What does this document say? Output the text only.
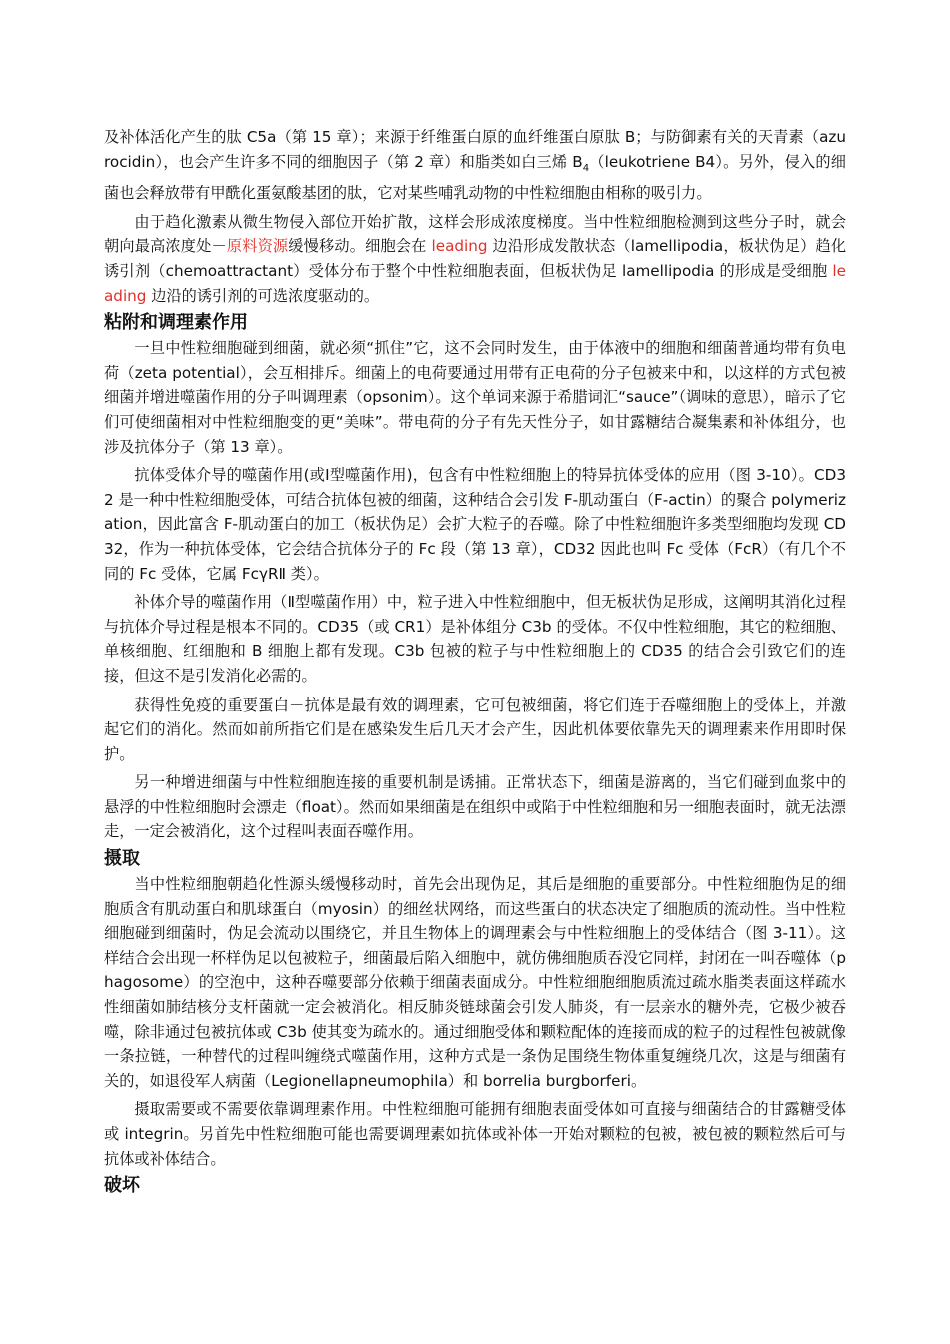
及补体活化产生的肽 C5a（第 15 章）；来源于纤维蛋白原的血纤维蛋白原肽 B；与防御素有关的天青素（azurocidin），也会产生许多不同的细胞因子（第 2 章）和脂类如白三烯 $B_4(leukotriene$ B4）。另外，侵入的细菌也会释放带有甲酰化蛋氨酸基团的肽，它对某些哺乳动物的中性粒细胞由相称的吸引力。

由于趋化激素从微生物侵入部位开始扩散，这样会形成浓度梯度。当中性粒细胞检测到这些分子时，就会朝向最高浓度处－原料资源缓慢移动。细胞会在 leading 边沿形成发散状态（lamellipodia，板状伪足）趋化诱引剂（chemoattractant）受体分布于整个中性粒细胞表面，但板状伪足 lamellipodia 的形成是受细胞 leading 边沿的诱引剂的可选浓度驱动的。

粘附和调理素作用

一旦中性粒细胞碰到细菌，就必须“抓住”它，这不会同时发生，由于体液中的细胞和细菌普通均带有负电荷（zeta potential），会互相排斥。细菌上的电荷要通过用带有正电荷的分子包被来中和，以这样的方式包被细菌并增进噬菌作用的分子叫调理素（opsonim）。这个单词来源于希腊词汇“sauce”（调味的意思），暗示了它们可使细菌相对中性粒细胞变的更“美味”。带电荷的分子有先天性分子，如甘露糖结合凝集素和补体组分，也涉及抗体分子（第 13 章）。

抗体受体介导的噬菌作用(或Ⅰ型噬菌作用)，包含有中性粒细胞上的特异抗体受体的应用（图 3-10）。CD32 是一种中性粒细胞受体，可结合抗体包被的细菌，这种结合会引发 F-肌动蛋白（F-actin）的聚合 polymerization，因此富含 F-肌动蛋白的加工（板状伪足）会扩大粒子的吞噬。除了中性粒细胞许多类型细胞均发现 CD32，作为一种抗体受体，它会结合抗体分子的 Fc 段（第 13 章），CD32 因此也叫 Fc 受体（FcR）（有几个不同的 Fc 受体，它属 FcγRⅡ 类）。

补体介导的噬菌作用（Ⅱ型噬菌作用）中，粒子进入中性粒细胞中，但无板状伪足形成，这阐明其消化过程与抗体介导过程是根本不同的。CD35（或 CR1）是补体组分 C3b 的受体。不仅中性粒细胞，其它的粒细胞、单核细胞、红细胞和 B 细胞上都有发现。C3b 包被的粒子与中性粒细胞上的 CD35 的结合会引致它们的连接，但这不是引发消化必需的。

获得性免疫的重要蛋白－抗体是最有效的调理素，它可包被细菌，将它们连于吞噬细胞上的受体上，并激起它们的消化。然而如前所指它们是在感染发生后几天才会产生，因此机体要依靠先天的调理素来作用即时保护。

另一种增进细菌与中性粒细胞连接的重要机制是诱捕。正常状态下，细菌是游离的，当它们碰到血浆中的悬浮的中性粒细胞时会漂走（float）。然而如果细菌是在组织中或陷于中性粒细胞和另一细胞表面时，就无法漂走，一定会被消化，这个过程叫表面吞噬作用。

摄取

当中性粒细胞朝趋化性源头缓慢移动时，首先会出现伪足，其后是细胞的重要部分。中性粒细胞伪足的细胞质含有肌动蛋白和肌球蛋白（myosin）的细丝状网络，而这些蛋白的状态决定了细胞质的流动性。当中性粒细胞碰到细菌时，伪足会流动以围绕它，并且生物体上的调理素会与中性粒细胞上的受体结合（图 3-11）。这样结合会出现一杯样伪足以包被粒子，细菌最后陷入细胞中，就仿佛细胞质吞没它同样，封闭在一叫吞噬体（phagosome）的空泡中，这种吞噬要部分依赖于细菌表面成分。中性粒细胞细胞质流过疏水脂类表面这样疏水性细菌如肺结核分支杆菌就一定会被消化。相反肺炎链球菌会引发人肺炎，有一层亲水的糖外壳，它极少被吞噬，除非通过包被抗体或 C3b 使其变为疏水的。通过细胞受体和颗粒配体的连接而成的粒子的过程性包被就像一条拉链，一种替代的过程叫缠绕式噬菌作用，这种方式是一条伪足围绕生物体重复缠绕几次，这是与细菌有关的，如退役军人病菌（Legionellapneumophila）和 borrelia burgborferi。

摄取需要或不需要依靠调理素作用。中性粒细胞可能拥有细胞表面受体如可直接与细菌结合的甘露糖受体或 integrin。另首先中性粒细胞可能也需要调理素如抗体或补体一开始对颗粒的包被，被包被的颗粒然后可与抗体或补体结合。

破坏
